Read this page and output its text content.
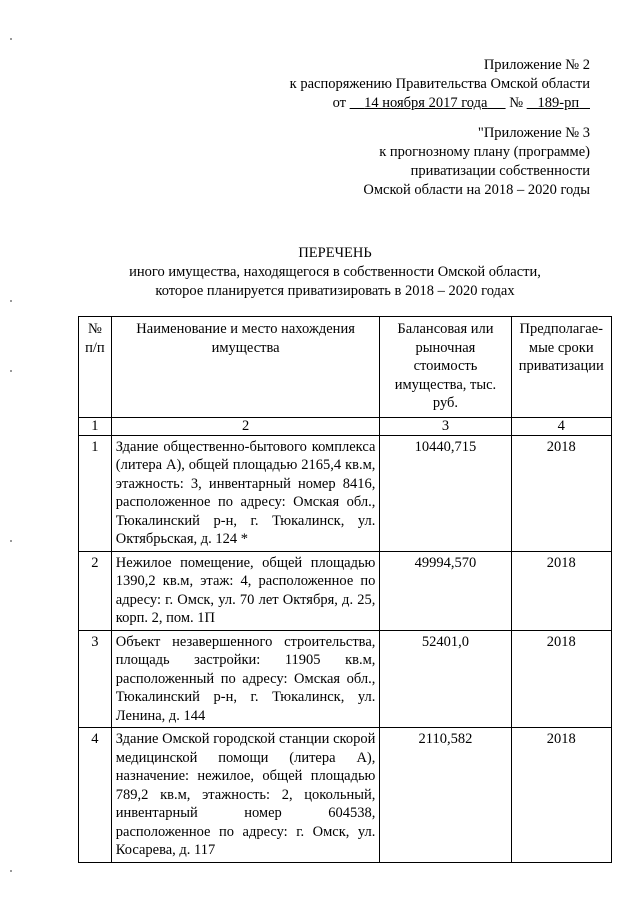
Приложение № 2
к распоряжению Правительства Омской области
от 14 ноября 2017 года № 189-рп
"Приложение № 3
к прогнозному плану (программе)
приватизации собственности
Омской области на 2018 – 2020 годы
ПЕРЕЧЕНЬ
иного имущества, находящегося в собственности Омской области,
которое планируется приватизировать в 2018 – 2020 годах
№ п/п	Наименование и место нахождения имущества	Балансовая или рыночная стоимость имущества, тыс. руб.	Предполагае-мые сроки приватизации
1	2	3	4
1	Здание общественно-бытового комплекса (литера А), общей площадью 2165,4 кв.м, этажность: 3, инвентарный номер 8416, расположенное по адресу: Омская обл., Тюкалинский р-н, г. Тюкалинск, ул. Октябрьская, д. 124 *	10440,715	2018
2	Нежилое помещение, общей площадью 1390,2 кв.м, этаж: 4, расположенное по адресу: г. Омск, ул. 70 лет Октября, д. 25, корп. 2, пом. 1П	49994,570	2018
3	Объект незавершенного строительства, площадь застройки: 11905 кв.м, расположенный по адресу: Омская обл., Тюкалинский р-н, г. Тюкалинск, ул. Ленина, д. 144	52401,0	2018
4	Здание Омской городской станции скорой медицинской помощи (литера А), назначение: нежилое, общей площадью 789,2 кв.м, этажность: 2, цокольный, инвентарный номер 604538, расположенное по адресу: г. Омск, ул. Косарева, д. 117	2110,582	2018
